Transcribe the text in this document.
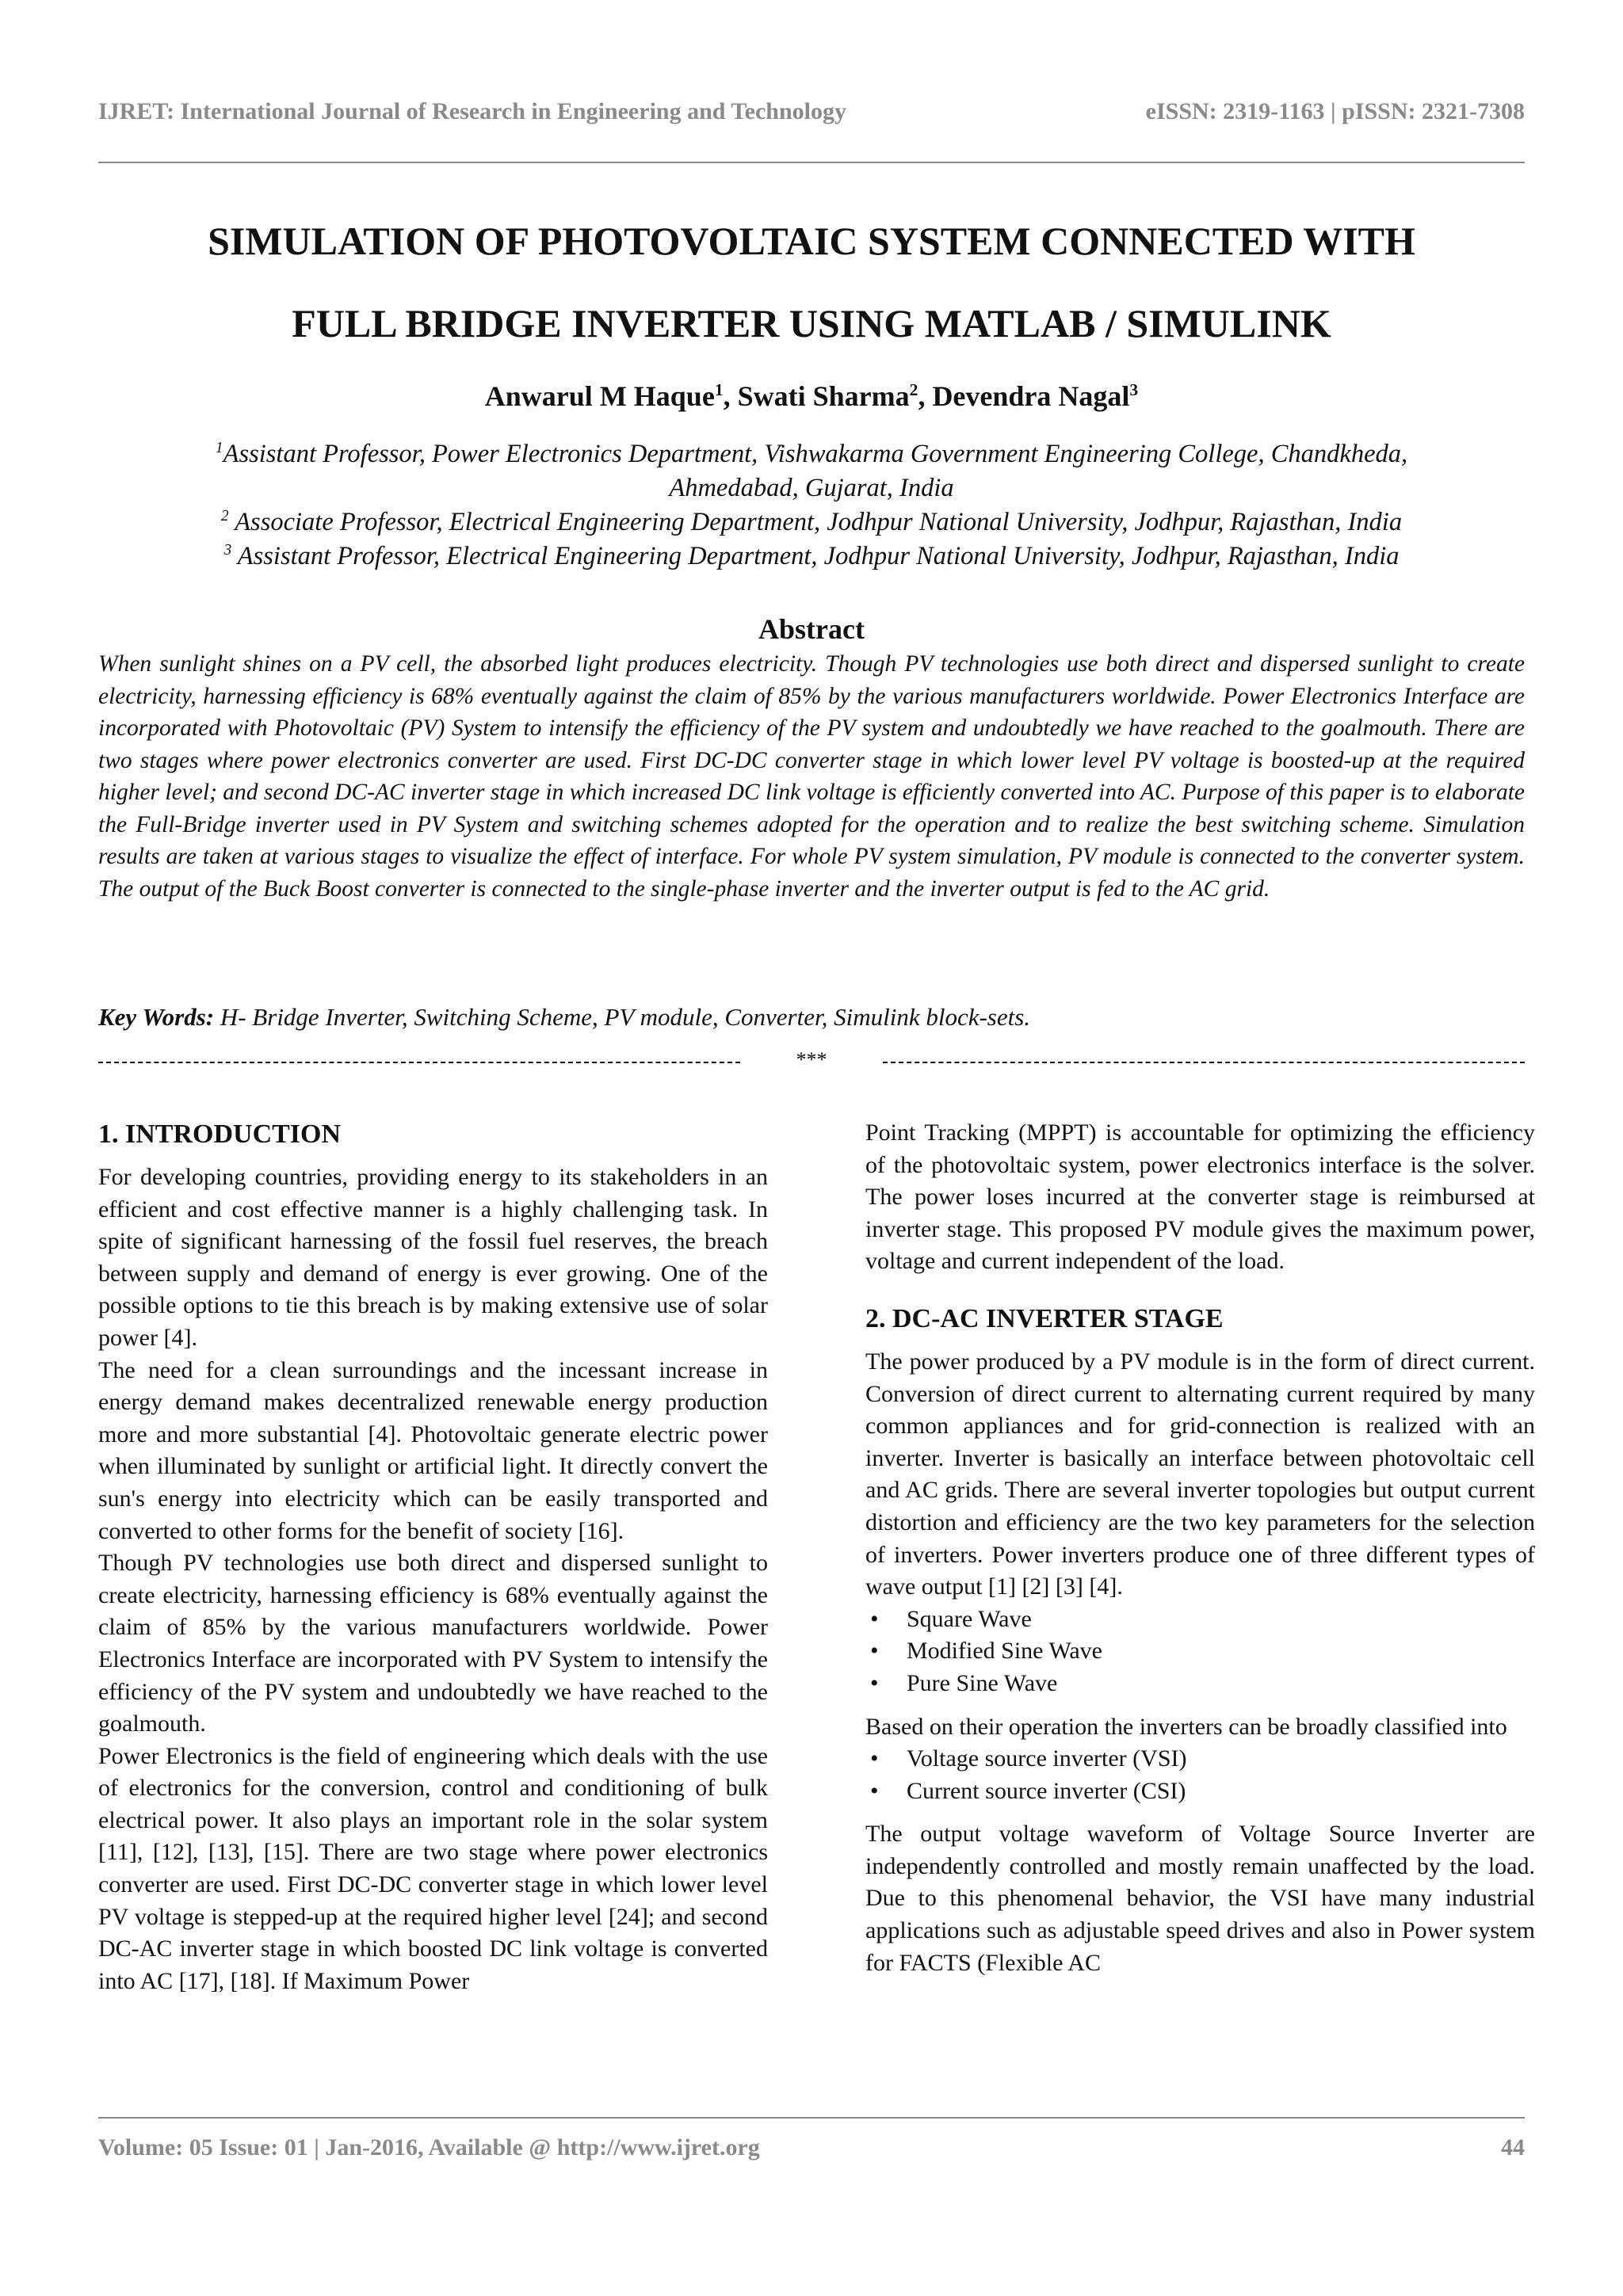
IJRET: International Journal of Research in Engineering and Technology	eISSN: 2319-1163 | pISSN: 2321-7308
SIMULATION OF PHOTOVOLTAIC SYSTEM CONNECTED WITH
FULL BRIDGE INVERTER USING MATLAB / SIMULINK
Anwarul M Haque$^1$, Swati Sharma$^2$, Devendra Nagal$^3$
$^1$Assistant Professor, Power Electronics Department, Vishwakarma Government Engineering College, Chandkheda,
Ahmedabad, Gujarat, India
$^2$ Associate Professor, Electrical Engineering Department, Jodhpur National University, Jodhpur, Rajasthan, India
$^3$ Assistant Professor, Electrical Engineering Department, Jodhpur National University, Jodhpur, Rajasthan, India
Abstract

When sunlight shines on a PV cell, the absorbed light produces electricity. Though PV technologies use both direct and dispersed sunlight to create electricity, harnessing efficiency is 68% eventually against the claim of 85% by the various manufacturers worldwide. Power Electronics Interface are incorporated with Photovoltaic (PV) System to intensify the efficiency of the PV system and undoubtedly we have reached to the goalmouth. There are two stages where power electronics converter are used. First DC-DC converter stage in which lower level PV voltage is boosted-up at the required higher level; and second DC-AC inverter stage in which increased DC link voltage is efficiently converted into AC. Purpose of this paper is to elaborate the Full-Bridge inverter used in PV System and switching schemes adopted for the operation and to realize the best switching scheme. Simulation results are taken at various stages to visualize the effect of interface. For whole PV system simulation, PV module is connected to the converter system. The output of the Buck Boost converter is connected to the single-phase inverter and the inverter output is fed to the AC grid.

Key Words: H- Bridge Inverter, Switching Scheme, PV module, Converter, Simulink block-sets.

***
1. INTRODUCTION

For developing countries, providing energy to its stakeholders in an efficient and cost effective manner is a highly challenging task. In spite of significant harnessing of the fossil fuel reserves, the breach between supply and demand of energy is ever growing. One of the possible options to tie this breach is by making extensive use of solar power [4].

The need for a clean surroundings and the incessant increase in energy demand makes decentralized renewable energy production more and more substantial [4]. Photovoltaic generate electric power when illuminated by sunlight or artificial light. It directly convert the sun's energy into electricity which can be easily transported and converted to other forms for the benefit of society [16].

Though PV technologies use both direct and dispersed sunlight to create electricity, harnessing efficiency is 68% eventually against the claim of 85% by the various manufacturers worldwide. Power Electronics Interface are incorporated with PV System to intensify the efficiency of the PV system and undoubtedly we have reached to the goalmouth.

Power Electronics is the field of engineering which deals with the use of electronics for the conversion, control and conditioning of bulk electrical power. It also plays an important role in the solar system [11], [12], [13], [15]. There are two stage where power electronics converter are used. First DC-DC converter stage in which lower level PV voltage is stepped-up at the required higher level [24]; and second DC-AC inverter stage in which boosted DC link voltage is converted into AC [17], [18]. If Maximum Power

Point Tracking (MPPT) is accountable for optimizing the efficiency of the photovoltaic system, power electronics interface is the solver. The power loses incurred at the converter stage is reimbursed at inverter stage. This proposed PV module gives the maximum power, voltage and current independent of the load.

2. DC-AC INVERTER STAGE

The power produced by a PV module is in the form of direct current. Conversion of direct current to alternating current required by many common appliances and for grid-connection is realized with an inverter. Inverter is basically an interface between photovoltaic cell and AC grids. There are several inverter topologies but output current distortion and efficiency are the two key parameters for the selection of inverters. Power inverters produce one of three different types of wave output [1] [2] [3] [4].

• Square Wave
• Modified Sine Wave
• Pure Sine Wave

Based on their operation the inverters can be broadly classified into

• Voltage source inverter (VSI)
• Current source inverter (CSI)

The output voltage waveform of Voltage Source Inverter are independently controlled and mostly remain unaffected by the load. Due to this phenomenal behavior, the VSI have many industrial applications such as adjustable speed drives and also in Power system for FACTS (Flexible AC

Volume: 05 Issue: 01 | Jan-2016, Available @ http://www.ijret.org	44
